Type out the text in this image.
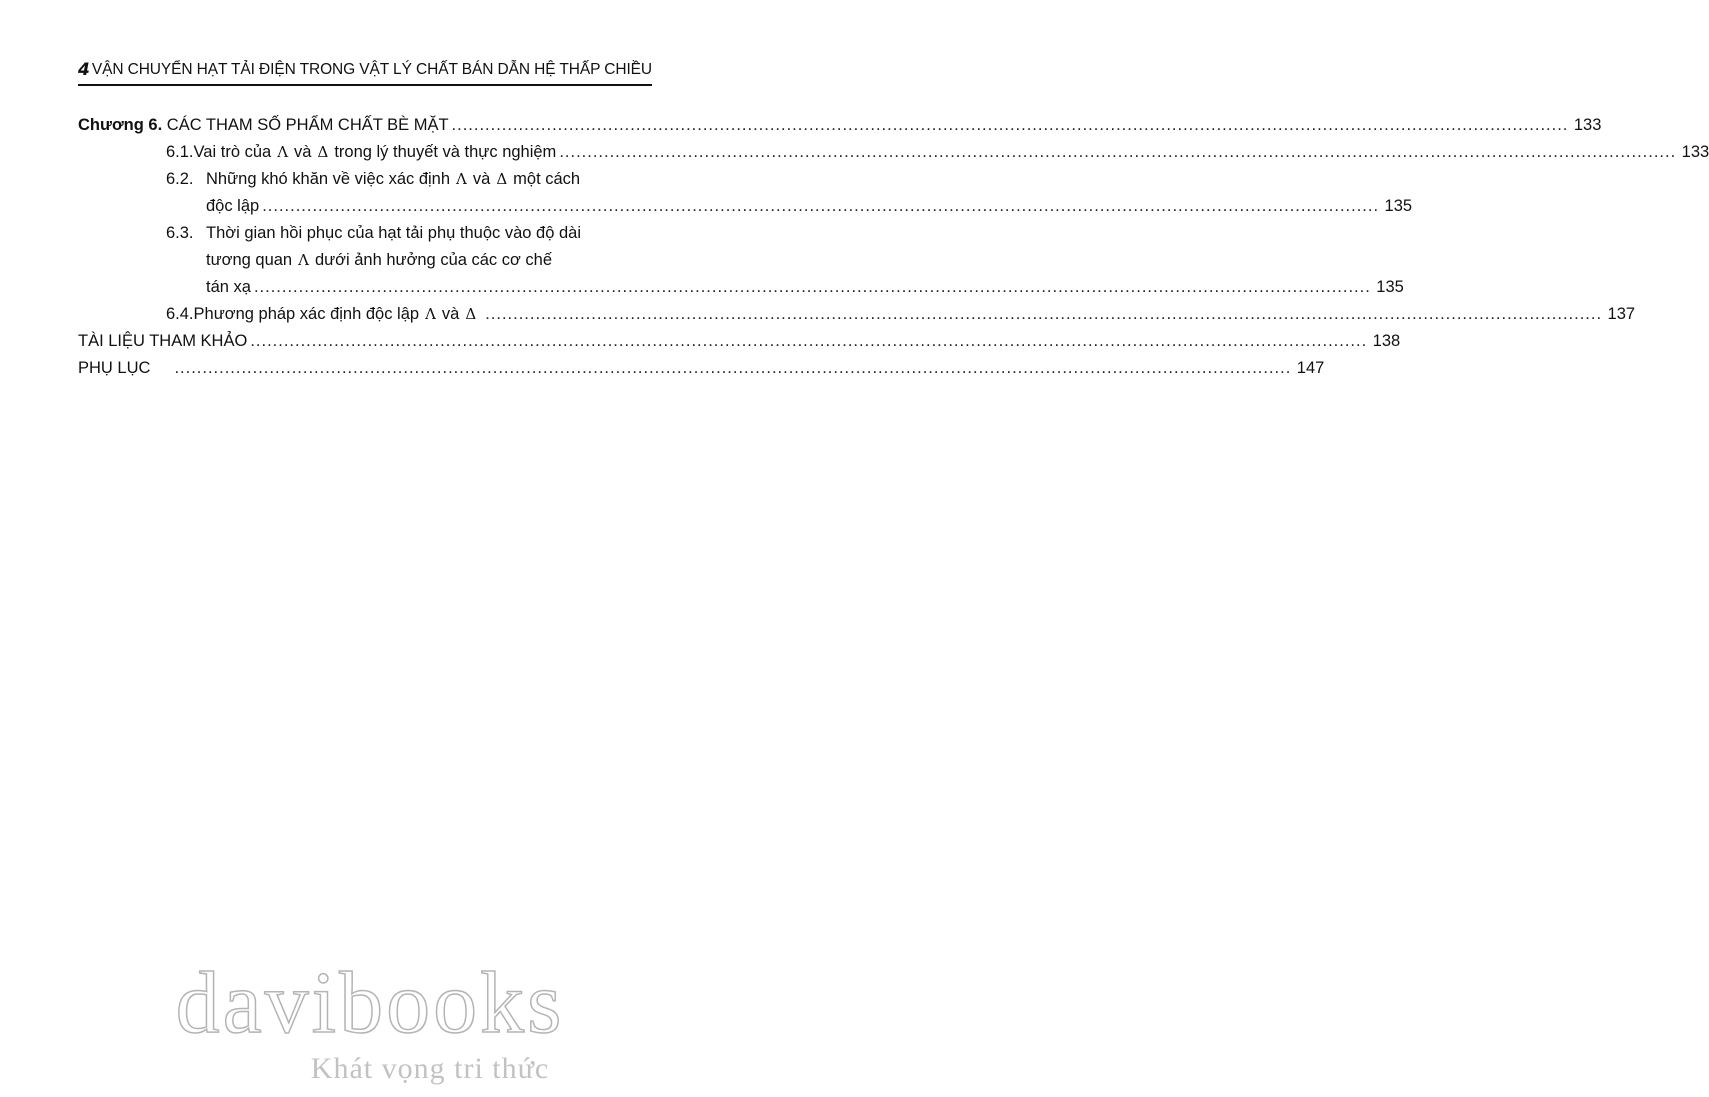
4 VẬN CHUYỂN HẠT TẢI ĐIỆN TRONG VẬT LÝ CHẤT BÁN DẪN HỆ THẤP CHIỀU
Chương 6.
CÁC THAM SỐ PHẨM CHẤT BÈ MẶT ........................................................................................................................................................................................................ 133
6.1. Vai trò của Λ và Δ trong lý thuyết và thực nghiệm ........................................................................................................................................................................................................ 133
6.2. Những khó khăn về việc xác định Λ và Δ một cách
độc lập ........................................................................................................................................................................................................ 135
6.3. Thời gian hồi phục của hạt tải phụ thuộc vào độ dài
tương quan Λ dưới ảnh hưởng của các cơ chế
tán xạ ........................................................................................................................................................................................................ 135
6.4. Phương pháp xác định độc lập Λ và Δ ........................................................................................................................................................................................................ 137
TÀI LIỆU THAM KHẢO ........................................................................................................................................................................................................ 138
PHỤ LỤC ........................................................................................................................................................................................................ 147
davibooks
Khát vọng tri thức
